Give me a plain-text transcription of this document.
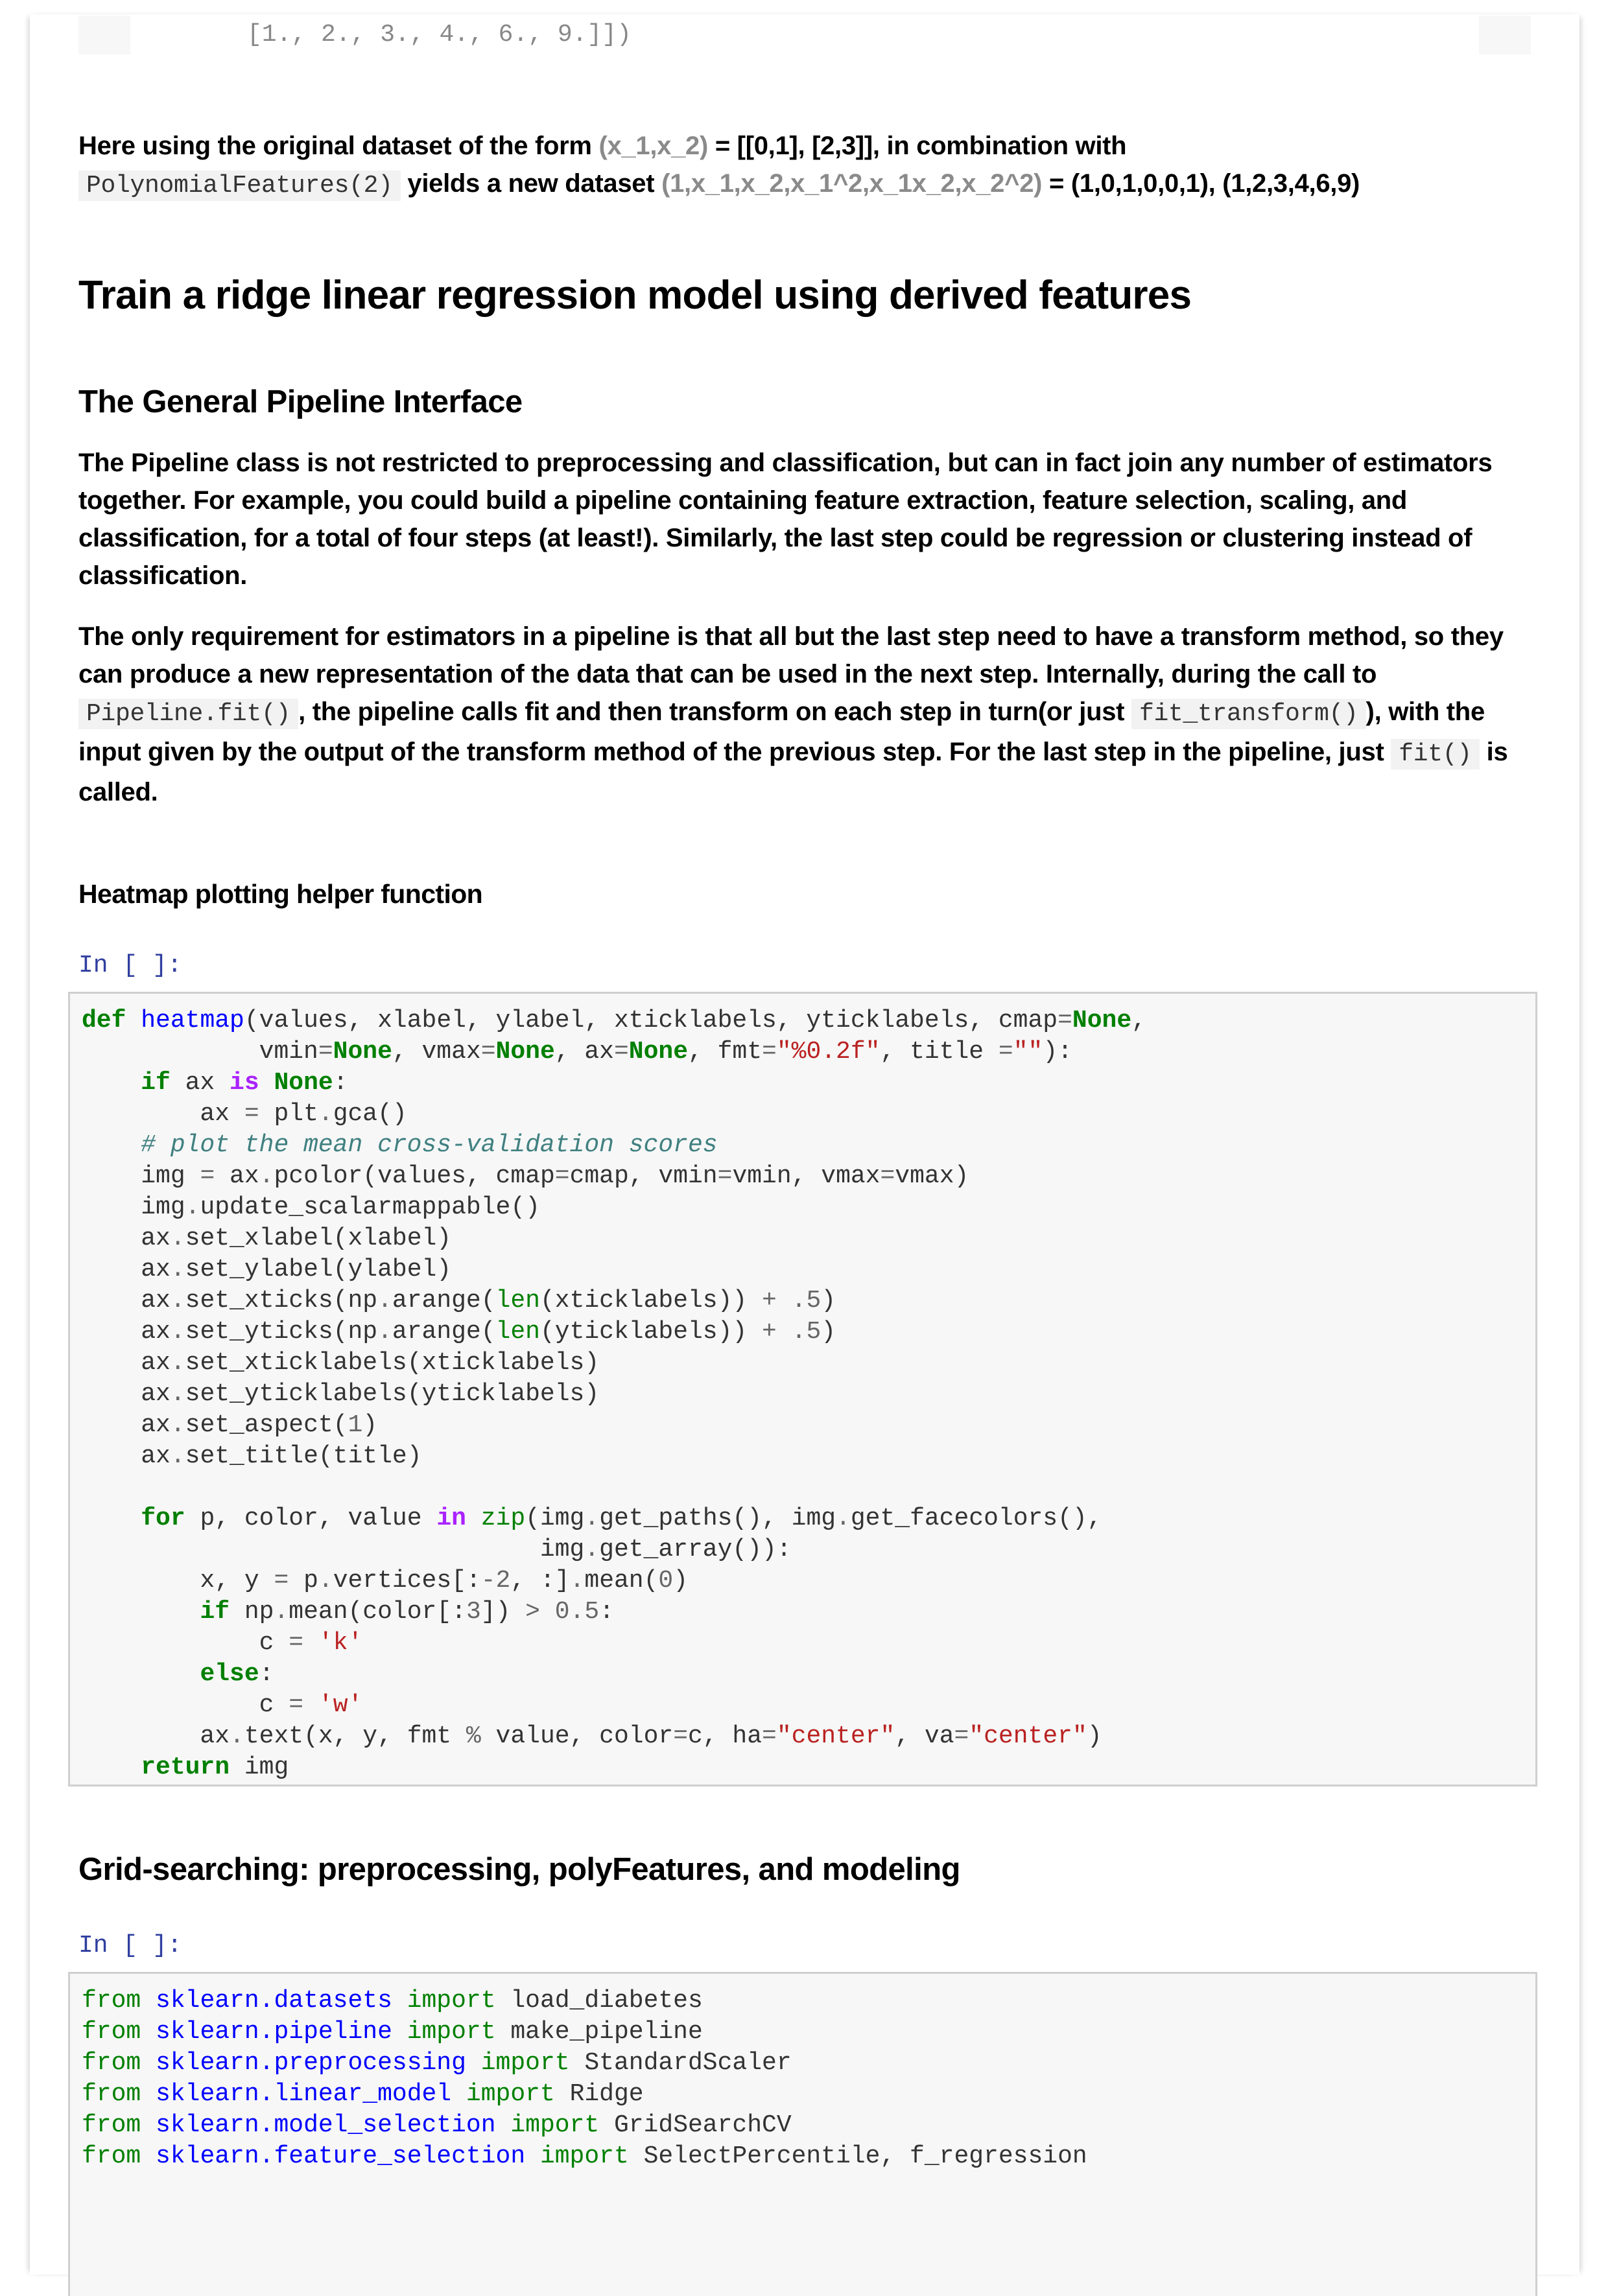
[1., 2., 3., 4., 6., 9.]])

Here using the original dataset of the form (x_1,x_2) = [[0,1], [2,3]], in combination with
PolynomialFeatures(2) yields a new dataset (1,x_1,x_2,x_1^2,x_1x_2,x_2^2) = (1,0,1,0,0,1), (1,2,3,4,6,9)

Train a ridge linear regression model using derived features
The General Pipeline Interface

The Pipeline class is not restricted to preprocessing and classification, but can in fact join any number of estimators together. For example, you could build a pipeline containing feature extraction, feature selection, scaling, and classification, for a total of four steps (at least!). Similarly, the last step could be regression or clustering instead of classification.

The only requirement for estimators in a pipeline is that all but the last step need to have a transform method, so they can produce a new representation of the data that can be used in the next step. Internally, during the call to Pipeline.fit() , the pipeline calls fit and then transform on each step in turn(or just fit_transform() ), with the input given by the output of the transform method of the previous step. For the last step in the pipeline, just fit() is called.

Heatmap plotting helper function
In [ ]:
def heatmap(values, xlabel, ylabel, xticklabels, yticklabels, cmap=None,
vmin=None, vmax=None, ax=None, fmt="%0.2f", title =""):
if ax is None:
ax = plt.gca()
# plot the mean cross-validation scores
img = ax.pcolor(values, cmap=cmap, vmin=vmin, vmax=vmax)
img.update_scalarmappable()
ax.set_xlabel(xlabel)
ax.set_ylabel(ylabel)
ax.set_xticks(np.arange(len(xticklabels)) + .5)
ax.set_yticks(np.arange(len(yticklabels)) + .5)
ax.set_xticklabels(xticklabels)
ax.set_yticklabels(yticklabels)
ax.set_aspect(1)
ax.set_title(title)

for p, color, value in zip(img.get_paths(), img.get_facecolors(),
img.get_array()):
x, y = p.vertices[:-2, :].mean(0)
if np.mean(color[:3]) > 0.5:
c = 'k'
else:
c = 'w'
ax.text(x, y, fmt % value, color=c, ha="center", va="center")
return img
Grid-searching: preprocessing, polyFeatures, and modeling
In [ ]:
from sklearn.datasets import load_diabetes
from sklearn.pipeline import make_pipeline
from sklearn.preprocessing import StandardScaler
from sklearn.linear_model import Ridge
from sklearn.model_selection import GridSearchCV
from sklearn.feature_selection import SelectPercentile, f_regression
